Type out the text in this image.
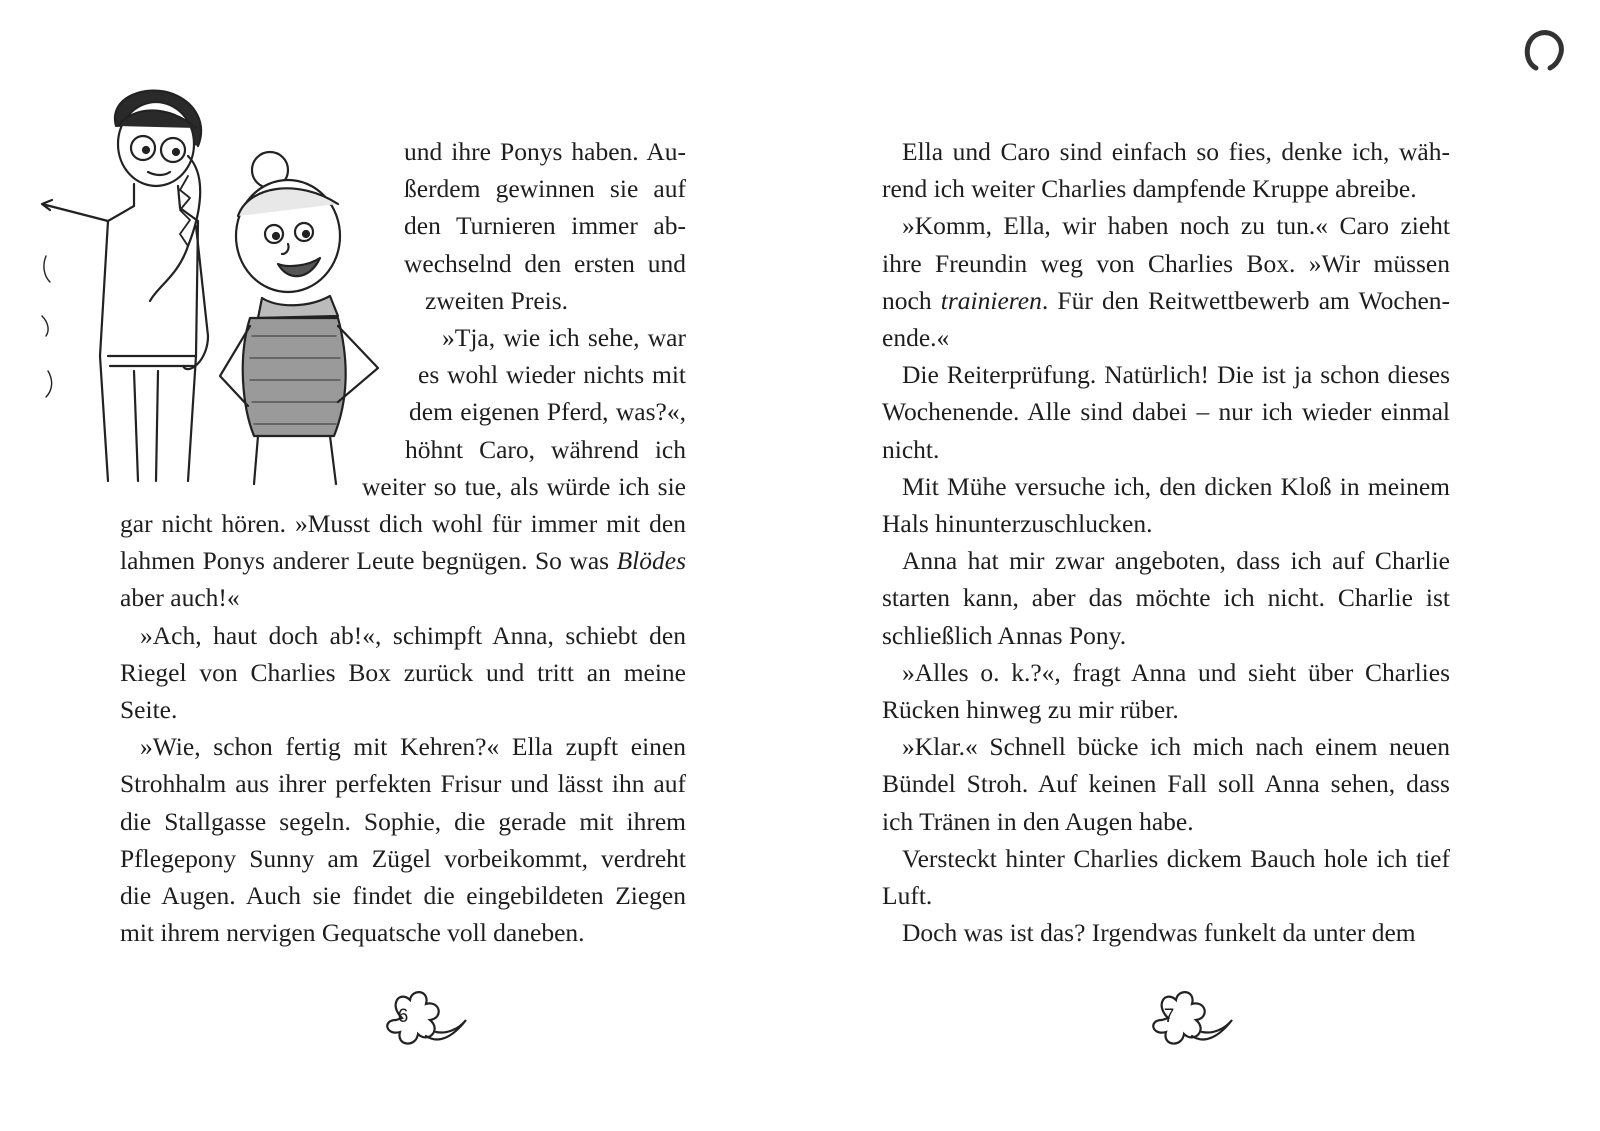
und ihre Ponys haben. Au-
ßerdem gewinnen sie auf
den Turnieren immer ab-
wechselnd den ersten und
zweiten Preis.
»Tja, wie ich sehe, war
es wohl wieder nichts mit
dem eigenen Pferd, was?«,
höhnt Caro, während ich
weiter so tue, als würde ich sie
gar nicht hören. »Musst dich wohl für immer mit den
lahmen Ponys anderer Leute begnügen. So was Blödes
aber auch!«
»Ach, haut doch ab!«, schimpft Anna, schiebt den
Riegel von Charlies Box zurück und tritt an meine
Seite.
»Wie, schon fertig mit Kehren?« Ella zupft einen
Strohhalm aus ihrer perfekten Frisur und lässt ihn auf
die Stallgasse segeln. Sophie, die gerade mit ihrem
Pflegepony Sunny am Zügel vorbeikommt, verdreht
die Augen. Auch sie findet die eingebildeten Ziegen
mit ihrem nervigen Gequatsche voll daneben.
6
Ella und Caro sind einfach so fies, denke ich, wäh-
rend ich weiter Charlies dampfende Kruppe abreibe.
»Komm, Ella, wir haben noch zu tun.« Caro zieht
ihre Freundin weg von Charlies Box. »Wir müssen
noch trainieren. Für den Reitwettbewerb am Wochen-
ende.«
Die Reiterprüfung. Natürlich! Die ist ja schon dieses
Wochenende. Alle sind dabei – nur ich wieder einmal
nicht.
Mit Mühe versuche ich, den dicken Kloß in meinem
Hals hinunterzuschlucken.
Anna hat mir zwar angeboten, dass ich auf Charlie
starten kann, aber das möchte ich nicht. Charlie ist
schließlich Annas Pony.
»Alles o. k.?«, fragt Anna und sieht über Charlies
Rücken hinweg zu mir rüber.
»Klar.« Schnell bücke ich mich nach einem neuen
Bündel Stroh. Auf keinen Fall soll Anna sehen, dass
ich Tränen in den Augen habe.
Versteckt hinter Charlies dickem Bauch hole ich tief
Luft.
Doch was ist das? Irgendwas funkelt da unter dem
7
